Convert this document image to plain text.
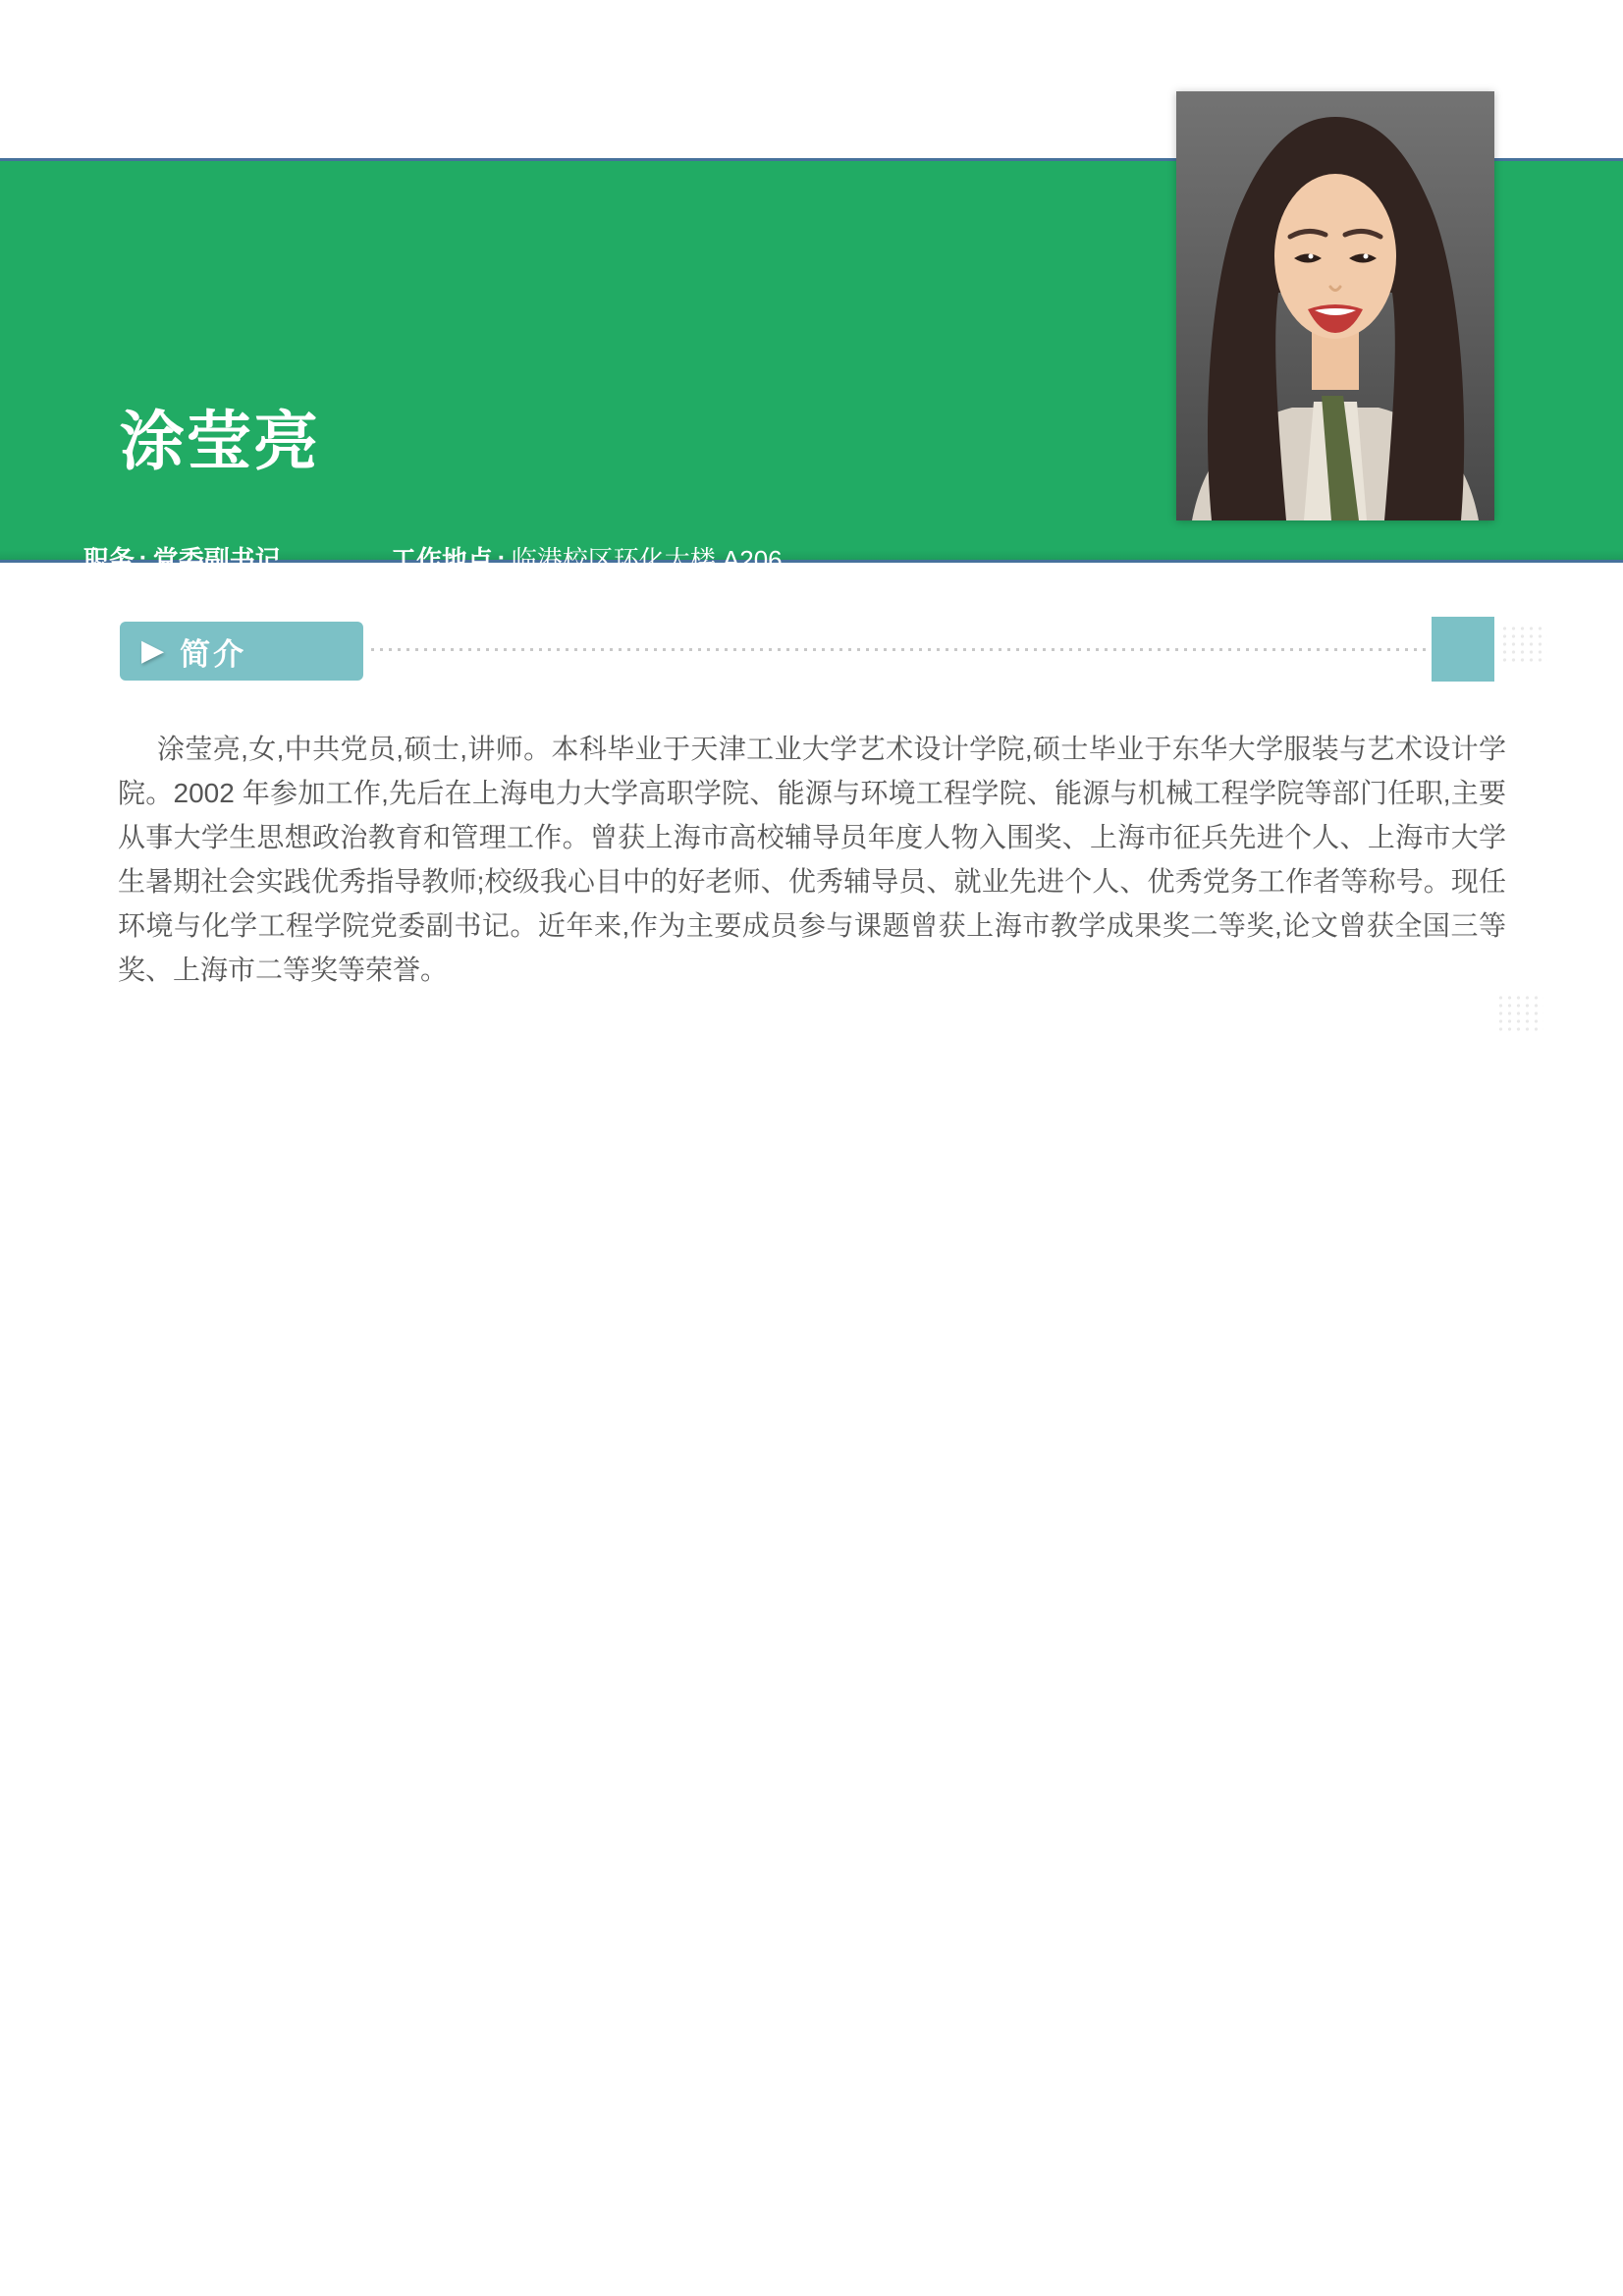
涂莹亮
职务 : 党委副书记	工作地点 : 临港校区环化大楼 A206
职称 : 讲师	邮箱 : tuyingliang@shiep.edu.cn
▶ 简介

涂莹亮,女,中共党员,硕士,讲师。本科毕业于天津工业大学艺术设计学院,硕士毕业于东华大学服装与艺术设计学院。2002 年参加工作,先后在上海电力大学高职学院、能源与环境工程学院、能源与机械工程学院等部门任职,主要从事大学生思想政治教育和管理工作。曾获上海市高校辅导员年度人物入围奖、上海市征兵先进个人、上海市大学生暑期社会实践优秀指导教师;校级我心目中的好老师、优秀辅导员、就业先进个人、优秀党务工作者等称号。现任环境与化学工程学院党委副书记。近年来,作为主要成员参与课题曾获上海市教学成果奖二等奖,论文曾获全国三等奖、上海市二等奖等荣誉。
